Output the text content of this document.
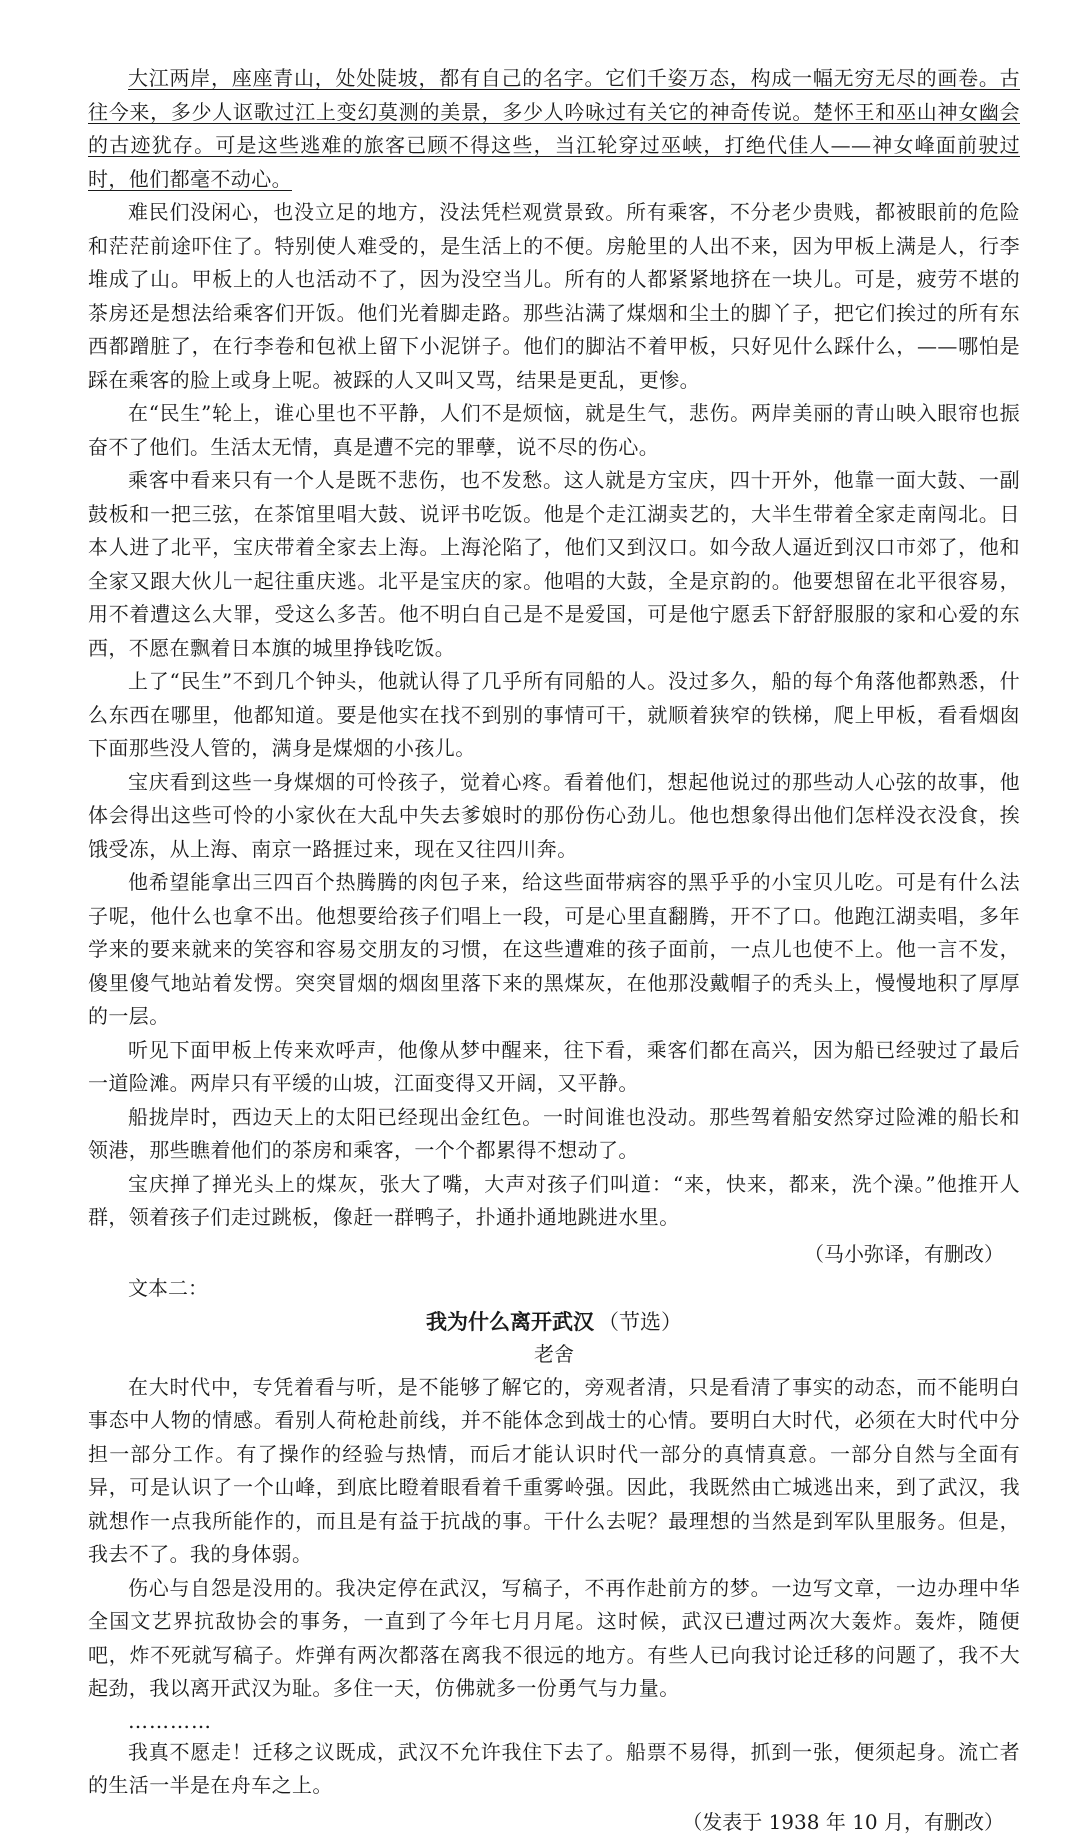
大江两岸，座座青山，处处陡坡，都有自己的名字。它们千姿万态，构成一幅无穷无尽的画卷。古往今来，多少人讴歌过江上变幻莫测的美景，多少人吟咏过有关它的神奇传说。楚怀王和巫山神女幽会的古迹犹存。可是这些逃难的旅客已顾不得这些，当江轮穿过巫峡，打绝代佳人——神女峰面前驶过时，他们都毫不动心。

难民们没闲心，也没立足的地方，没法凭栏观赏景致。所有乘客，不分老少贵贱，都被眼前的危险和茫茫前途吓住了。特别使人难受的，是生活上的不便。房舱里的人出不来，因为甲板上满是人，行李堆成了山。甲板上的人也活动不了，因为没空当儿。所有的人都紧紧地挤在一块儿。可是，疲劳不堪的茶房还是想法给乘客们开饭。他们光着脚走路。那些沾满了煤烟和尘土的脚丫子，把它们挨过的所有东西都蹭脏了，在行李卷和包袱上留下小泥饼子。他们的脚沾不着甲板，只好见什么踩什么，——哪怕是踩在乘客的脸上或身上呢。被踩的人又叫又骂，结果是更乱，更惨。

在“民生”轮上，谁心里也不平静，人们不是烦恼，就是生气，悲伤。两岸美丽的青山映入眼帘也振奋不了他们。生活太无情，真是遭不完的罪孽，说不尽的伤心。

乘客中看来只有一个人是既不悲伤，也不发愁。这人就是方宝庆，四十开外，他靠一面大鼓、一副鼓板和一把三弦，在茶馆里唱大鼓、说评书吃饭。他是个走江湖卖艺的，大半生带着全家走南闯北。日本人进了北平，宝庆带着全家去上海。上海沦陷了，他们又到汉口。如今敌人逼近到汉口市郊了，他和全家又跟大伙儿一起往重庆逃。北平是宝庆的家。他唱的大鼓，全是京韵的。他要想留在北平很容易，用不着遭这么大罪，受这么多苦。他不明白自己是不是爱国，可是他宁愿丢下舒舒服服的家和心爱的东西，不愿在飘着日本旗的城里挣钱吃饭。

上了“民生”不到几个钟头，他就认得了几乎所有同船的人。没过多久，船的每个角落他都熟悉，什么东西在哪里，他都知道。要是他实在找不到别的事情可干，就顺着狭窄的铁梯，爬上甲板，看看烟囱下面那些没人管的，满身是煤烟的小孩儿。

宝庆看到这些一身煤烟的可怜孩子，觉着心疼。看着他们，想起他说过的那些动人心弦的故事，他体会得出这些可怜的小家伙在大乱中失去爹娘时的那份伤心劲儿。他也想象得出他们怎样没衣没食，挨饿受冻，从上海、南京一路捱过来，现在又往四川奔。

他希望能拿出三四百个热腾腾的肉包子来，给这些面带病容的黑乎乎的小宝贝儿吃。可是有什么法子呢，他什么也拿不出。他想要给孩子们唱上一段，可是心里直翻腾，开不了口。他跑江湖卖唱，多年学来的要来就来的笑容和容易交朋友的习惯，在这些遭难的孩子面前，一点儿也使不上。他一言不发，傻里傻气地站着发愣。突突冒烟的烟囱里落下来的黑煤灰，在他那没戴帽子的秃头上，慢慢地积了厚厚的一层。

听见下面甲板上传来欢呼声，他像从梦中醒来，往下看，乘客们都在高兴，因为船已经驶过了最后一道险滩。两岸只有平缓的山坡，江面变得又开阔，又平静。

船拢岸时，西边天上的太阳已经现出金红色。一时间谁也没动。那些驾着船安然穿过险滩的船长和领港，那些瞧着他们的茶房和乘客，一个个都累得不想动了。

宝庆掸了掸光头上的煤灰，张大了嘴，大声对孩子们叫道：“来，快来，都来，洗个澡。”他推开人群，领着孩子们走过跳板，像赶一群鸭子，扑通扑通地跳进水里。

（马小弥译，有删改）

文本二：

我为什么离开武汉 （节选）

老舍

在大时代中，专凭着看与听，是不能够了解它的，旁观者清，只是看清了事实的动态，而不能明白事态中人物的情感。看别人荷枪赴前线，并不能体念到战士的心情。要明白大时代，必须在大时代中分担一部分工作。有了操作的经验与热情，而后才能认识时代一部分的真情真意。一部分自然与全面有异，可是认识了一个山峰，到底比瞪着眼看着千重雾岭强。因此，我既然由亡城逃出来，到了武汉，我就想作一点我所能作的，而且是有益于抗战的事。干什么去呢？最理想的当然是到军队里服务。但是，我去不了。我的身体弱。

伤心与自怨是没用的。我决定停在武汉，写稿子，不再作赴前方的梦。一边写文章，一边办理中华全国文艺界抗敌协会的事务，一直到了今年七月月尾。这时候，武汉已遭过两次大轰炸。轰炸，随便吧，炸不死就写稿子。炸弹有两次都落在离我不很远的地方。有些人已向我讨论迁移的问题了，我不大起劲，我以离开武汉为耻。多住一天，仿佛就多一份勇气与力量。

…………

我真不愿走！迁移之议既成，武汉不允许我住下去了。船票不易得，抓到一张，便须起身。流亡者的生活一半是在舟车之上。

（发表于 1938 年 10 月，有删改）
